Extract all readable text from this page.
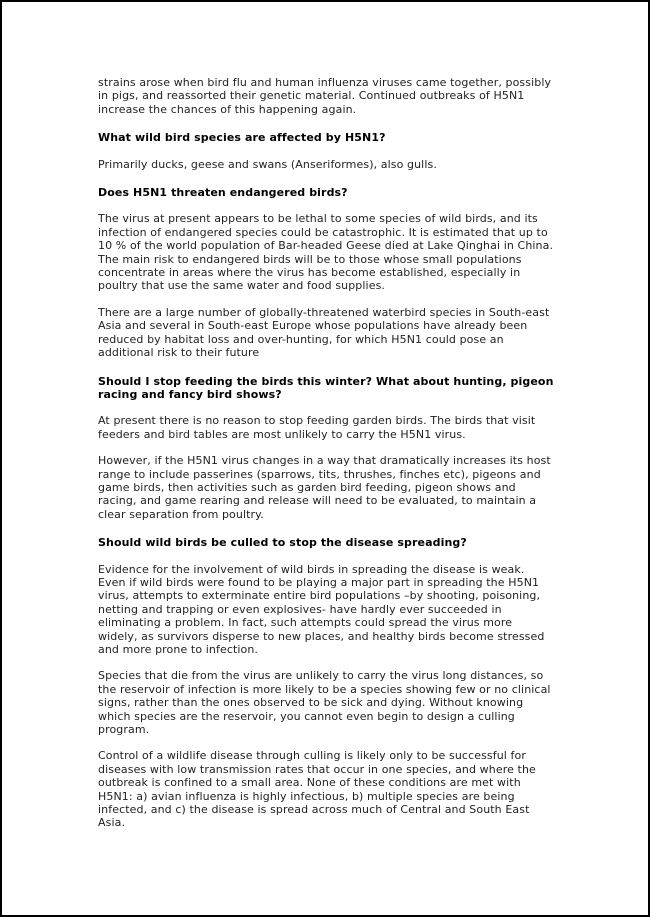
strains arose when bird flu and human influenza viruses came together, possibly in pigs, and reassorted their genetic material. Continued outbreaks of H5N1 increase the chances of this happening again.

What wild bird species are affected by H5N1?

Primarily ducks, geese and swans (Anseriformes), also gulls.

Does H5N1 threaten endangered birds?

The virus at present appears to be lethal to some species of wild birds, and its infection of endangered species could be catastrophic. It is estimated that up to 10 % of the world population of Bar-headed Geese died at Lake Qinghai in China. The main risk to endangered birds will be to those whose small populations concentrate in areas where the virus has become established, especially in poultry that use the same water and food supplies.

There are a large number of globally-threatened waterbird species in South-east Asia and several in South-east Europe whose populations have already been reduced by habitat loss and over-hunting, for which H5N1 could pose an additional risk to their future

Should I stop feeding the birds this winter? What about hunting, pigeon racing and fancy bird shows?

At present there is no reason to stop feeding garden birds. The birds that visit feeders and bird tables are most unlikely to carry the H5N1 virus.

However, if the H5N1 virus changes in a way that dramatically increases its host range to include passerines (sparrows, tits, thrushes, finches etc), pigeons and game birds, then activities such as garden bird feeding, pigeon shows and racing, and game rearing and release will need to be evaluated, to maintain a clear separation from poultry.

Should wild birds be culled to stop the disease spreading?

Evidence for the involvement of wild birds in spreading the disease is weak. Even if wild birds were found to be playing a major part in spreading the H5N1 virus, attempts to exterminate entire bird populations –by shooting, poisoning, netting and trapping or even explosives- have hardly ever succeeded in eliminating a problem. In fact, such attempts could spread the virus more widely, as survivors disperse to new places, and healthy birds become stressed and more prone to infection.

Species that die from the virus are unlikely to carry the virus long distances, so the reservoir of infection is more likely to be a species showing few or no clinical signs, rather than the ones observed to be sick and dying. Without knowing which species are the reservoir, you cannot even begin to design a culling program.

Control of a wildlife disease through culling is likely only to be successful for diseases with low transmission rates that occur in one species, and where the outbreak is confined to a small area. None of these conditions are met with H5N1: a) avian influenza is highly infectious, b) multiple species are being infected, and c) the disease is spread across much of Central and South East Asia.
